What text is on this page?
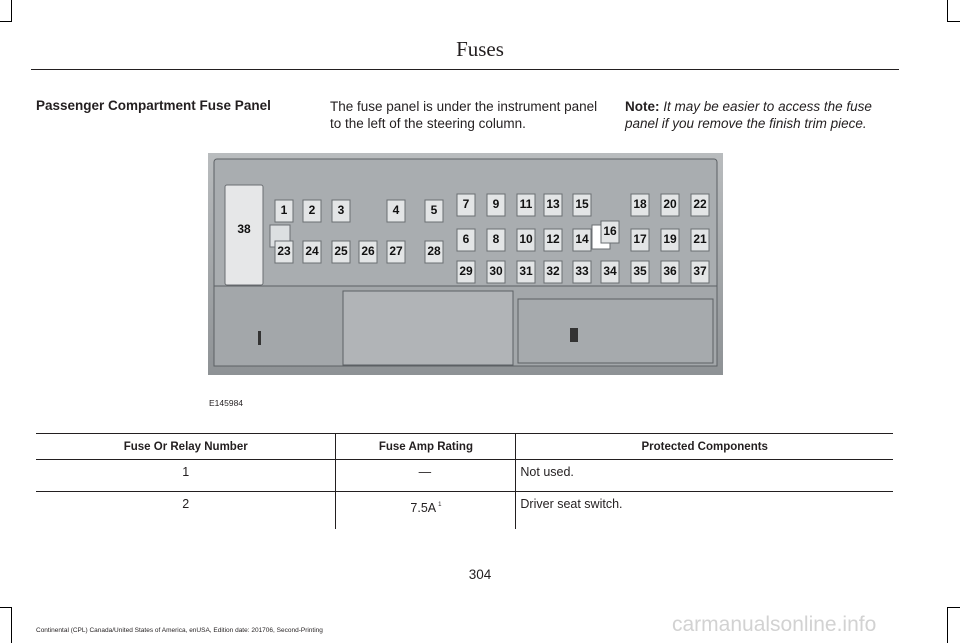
Fuses
Passenger Compartment Fuse Panel	The fuse panel is under the instrument panel to the left of the steering column.
Note: It may be easier to access the fuse panel if you remove the finish trim piece.
1 2 3	4	5
6
7
8
9
10
11
12
13
14
15
16
17
18
19
20
21
22
23 24 25 26 27 28
29 30 31 32 33 34 35 36 37
38
E145984
Fuse Or Relay Number	Fuse Amp Rating	Protected Components
1	—	Not used.
2	7.5A $^1$	Driver seat switch.
304
Continental (CPL) Canada/United States of America, enUSA, Edition date: 201706, Second-Printing	carmanualsonline.info
